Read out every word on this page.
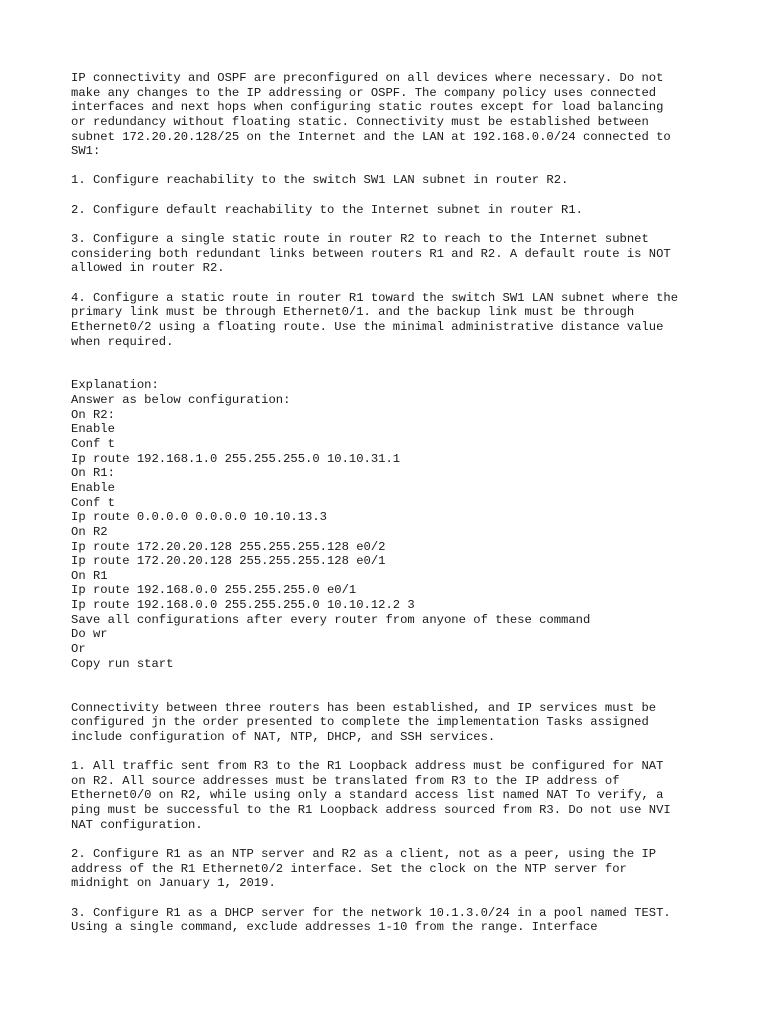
IP connectivity and OSPF are preconfigured on all devices where necessary. Do not
make any changes to the IP addressing or OSPF. The company policy uses connected
interfaces and next hops when configuring static routes except for load balancing
or redundancy without floating static. Connectivity must be established between
subnet 172.20.20.128/25 on the Internet and the LAN at 192.168.0.0/24 connected to
SW1:
1. Configure reachability to the switch SW1 LAN subnet in router R2.
2. Configure default reachability to the Internet subnet in router R1.
3. Configure a single static route in router R2 to reach to the Internet subnet
considering both redundant links between routers R1 and R2. A default route is NOT
allowed in router R2.
4. Configure a static route in router R1 toward the switch SW1 LAN subnet where the
primary link must be through Ethernet0/1. and the backup link must be through
Ethernet0/2 using a floating route. Use the minimal administrative distance value
when required.
Explanation:
Answer as below configuration:
On R2:
Enable
Conf t
Ip route 192.168.1.0 255.255.255.0 10.10.31.1
On R1:
Enable
Conf t
Ip route 0.0.0.0 0.0.0.0 10.10.13.3
On R2
Ip route 172.20.20.128 255.255.255.128 e0/2
Ip route 172.20.20.128 255.255.255.128 e0/1
On R1
Ip route 192.168.0.0 255.255.255.0 e0/1
Ip route 192.168.0.0 255.255.255.0 10.10.12.2 3
Save all configurations after every router from anyone of these command
Do wr
Or
Copy run start
Connectivity between three routers has been established, and IP services must be
configured jn the order presented to complete the implementation Tasks assigned
include configuration of NAT, NTP, DHCP, and SSH services.
1. All traffic sent from R3 to the R1 Loopback address must be configured for NAT
on R2. All source addresses must be translated from R3 to the IP address of
Ethernet0/0 on R2, while using only a standard access list named NAT To verify, a
ping must be successful to the R1 Loopback address sourced from R3. Do not use NVI
NAT configuration.
2. Configure R1 as an NTP server and R2 as a client, not as a peer, using the IP
address of the R1 Ethernet0/2 interface. Set the clock on the NTP server for
midnight on January 1, 2019.
3. Configure R1 as a DHCP server for the network 10.1.3.0/24 in a pool named TEST.
Using a single command, exclude addresses 1-10 from the range. Interface
